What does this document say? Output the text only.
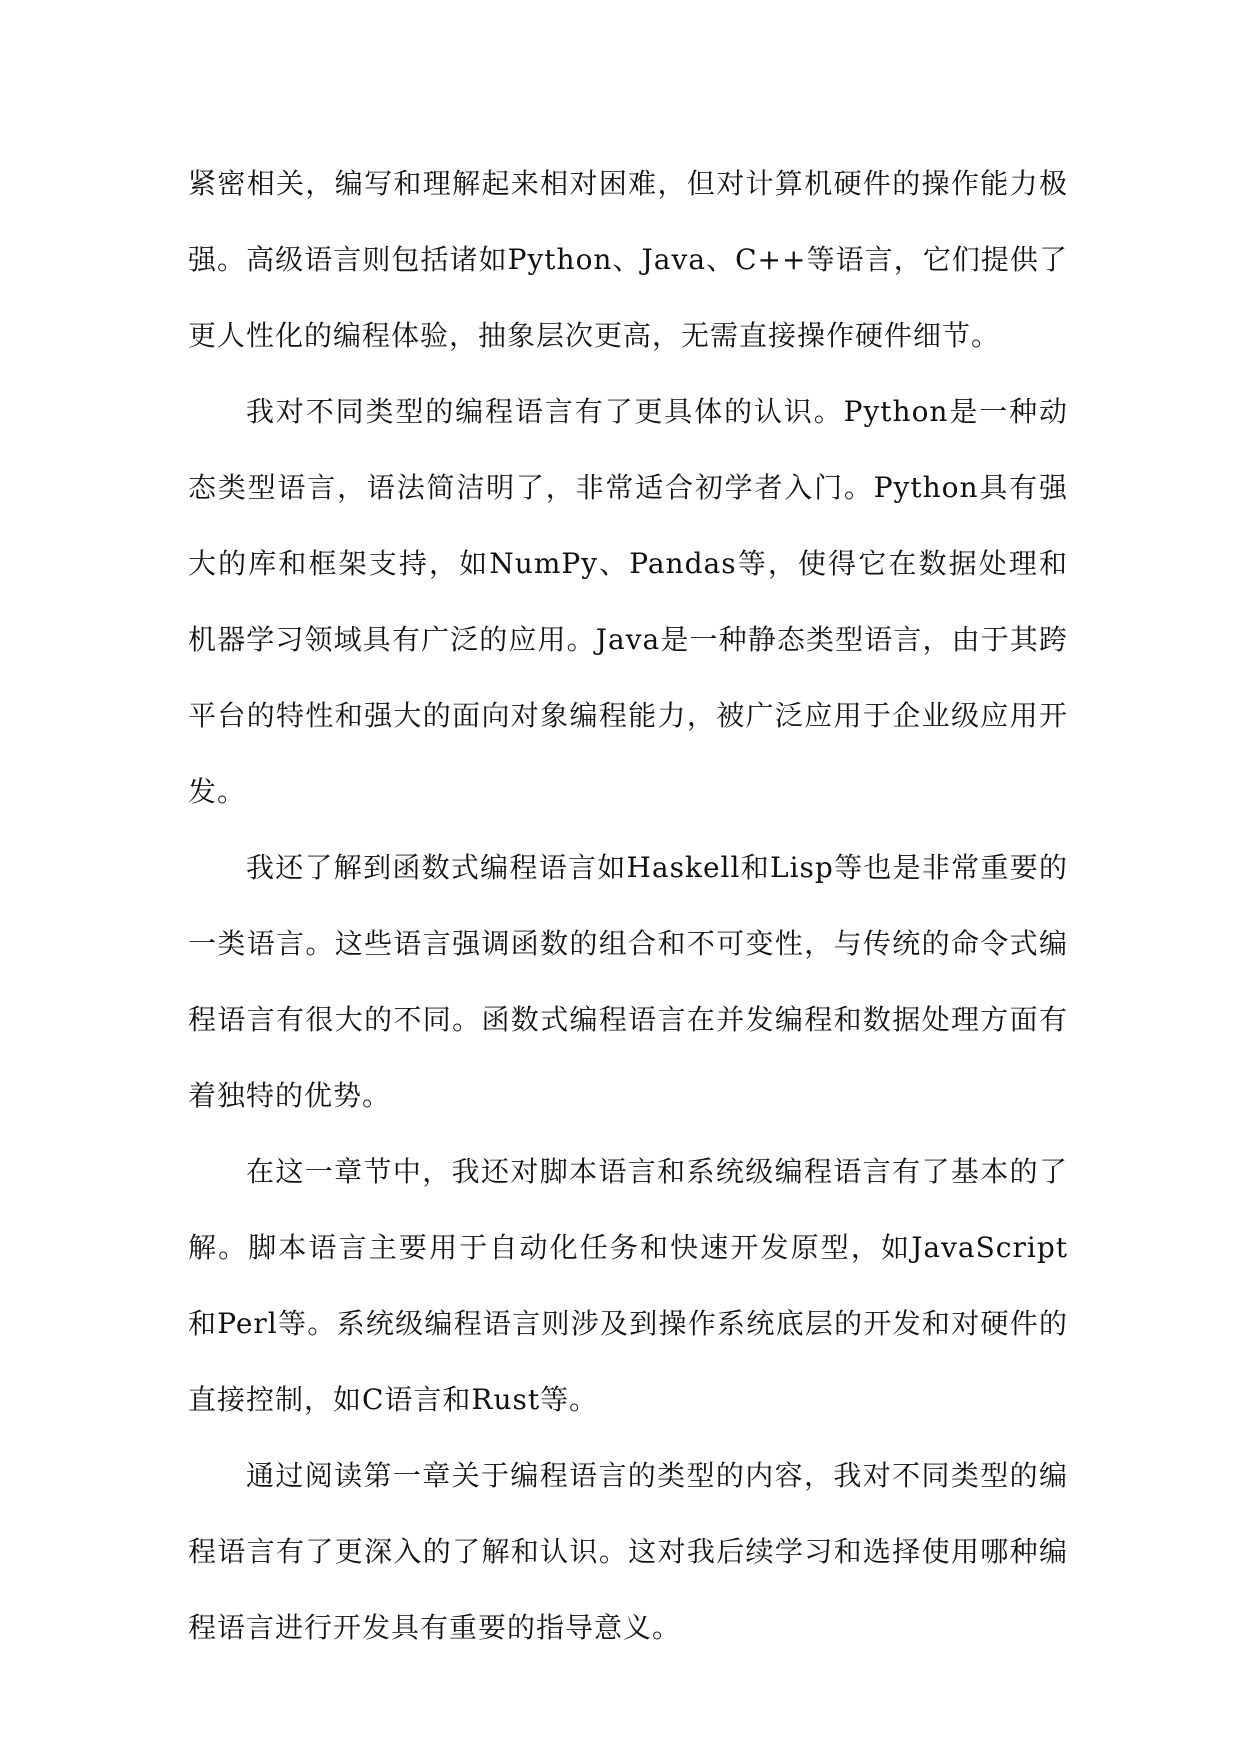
紧密相关，编写和理解起来相对困难，但对计算机硬件的操作能力极强。高级语言则包括诸如Python、Java、C++等语言，它们提供了更人性化的编程体验，抽象层次更高，无需直接操作硬件细节。

我对不同类型的编程语言有了更具体的认识。Python是一种动态类型语言，语法简洁明了，非常适合初学者入门。Python具有强大的库和框架支持，如NumPy、Pandas等，使得它在数据处理和机器学习领域具有广泛的应用。Java是一种静态类型语言，由于其跨平台的特性和强大的面向对象编程能力，被广泛应用于企业级应用开发。

我还了解到函数式编程语言如Haskell和Lisp等也是非常重要的一类语言。这些语言强调函数的组合和不可变性，与传统的命令式编程语言有很大的不同。函数式编程语言在并发编程和数据处理方面有着独特的优势。

在这一章节中，我还对脚本语言和系统级编程语言有了基本的了解。脚本语言主要用于自动化任务和快速开发原型，如JavaScript和Perl等。系统级编程语言则涉及到操作系统底层的开发和对硬件的直接控制，如C语言和Rust等。

通过阅读第一章关于编程语言的类型的内容，我对不同类型的编程语言有了更深入的了解和认识。这对我后续学习和选择使用哪种编程语言进行开发具有重要的指导意义。
